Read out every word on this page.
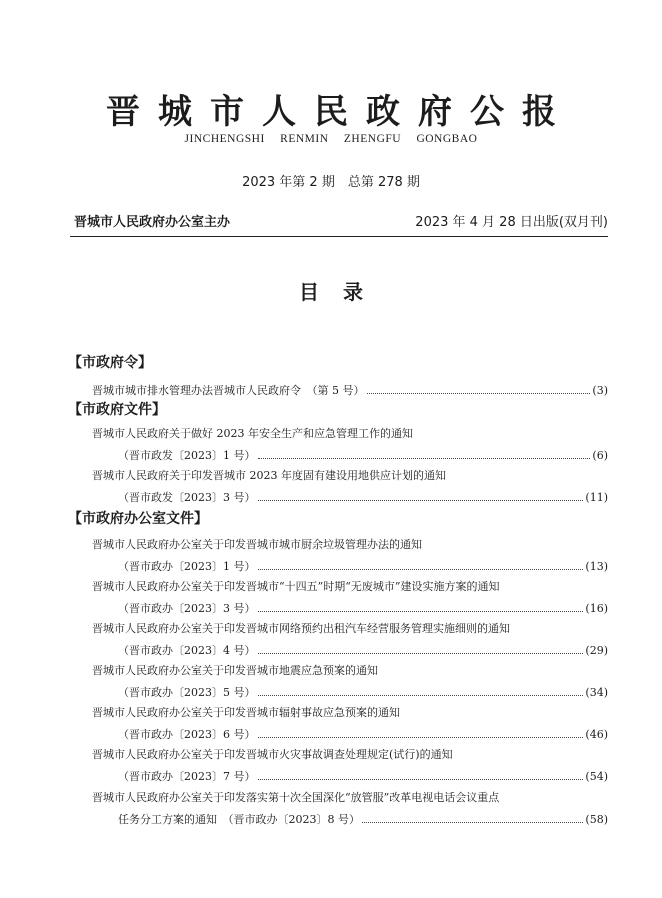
晋城市人民政府公报
JINCHENGSHI RENMIN ZHENGFU GONGBAO
2023 年第 2 期　总第 278 期
晋城市人民政府办公室主办	2023 年 4 月 28 日出版(双月刊)
目录
【市政府令】
晋城市城市排水管理办法晋城市人民政府令　（第 5 号）	(3)
【市政府文件】
晋城市人民政府关于做好 2023 年安全生产和应急管理工作的通知
（晋市政发〔2023〕1 号）	(6)
晋城市人民政府关于印发晋城市 2023 年度固有建设用地供应计划的通知
（晋市政发〔2023〕3 号）	(11)
【市政府办公室文件】
晋城市人民政府办公室关于印发晋城市城市厨余垃圾管理办法的通知
（晋市政办〔2023〕1 号）	(13)
晋城市人民政府办公室关于印发晋城市“十四五”时期“无废城市”建设实施方案的通知
（晋市政办〔2023〕3 号）	(16)
晋城市人民政府办公室关于印发晋城市网络预约出租汽车经营服务管理实施细则的通知
（晋市政办〔2023〕4 号）	(29)
晋城市人民政府办公室关于印发晋城市地震应急预案的通知
（晋市政办〔2023〕5 号）	(34)
晋城市人民政府办公室关于印发晋城市辐射事故应急预案的通知
（晋市政办〔2023〕6 号）	(46)
晋城市人民政府办公室关于印发晋城市火灾事故调查处理规定(试行)的通知
（晋市政办〔2023〕7 号）	(54)
晋城市人民政府办公室关于印发落实第十次全国深化“放管服”改革电视电话会议重点
任务分工方案的通知　（晋市政办〔2023〕8 号）	(58)
